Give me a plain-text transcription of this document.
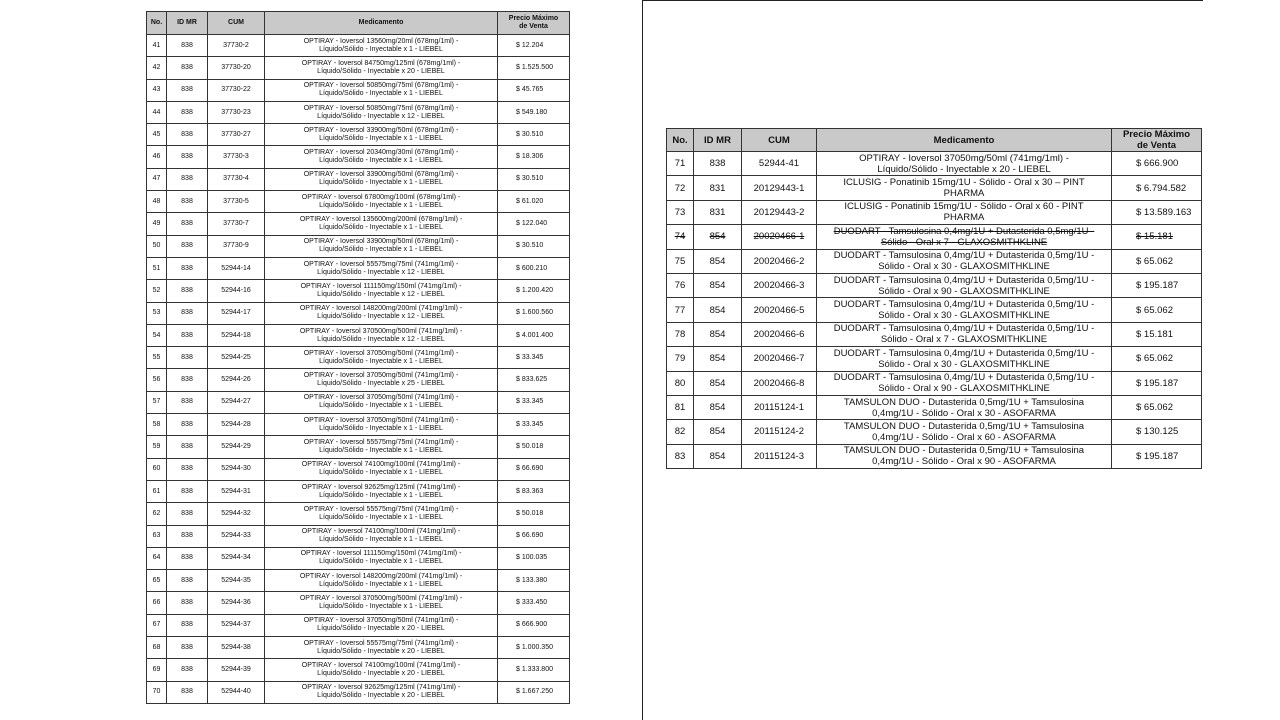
No.	ID MR	CUM	Medicamento	Precio Máximo
de Venta
41	838	37730-2	OPTIRAY - Ioversol 13560mg/20ml (678mg/1ml) -
Líquido/Sólido - Inyectable x 1 - LIEBEL	$ 12.204
42	838	37730-20	OPTIRAY - Ioversol 84750mg/125ml (678mg/1ml) -
Líquido/Sólido - Inyectable x 20 - LIEBEL	$ 1.525.500
43	838	37730-22	OPTIRAY - Ioversol 50850mg/75ml (678mg/1ml) -
Líquido/Sólido - Inyectable x 1 - LIEBEL	$ 45.765
44	838	37730-23	OPTIRAY - Ioversol 50850mg/75ml (678mg/1ml) -
Líquido/Sólido - Inyectable x 12 - LIEBEL	$ 549.180
45	838	37730-27	OPTIRAY - Ioversol 33900mg/50ml (678mg/1ml) -
Líquido/Sólido - Inyectable x 1 - LIEBEL	$ 30.510
46	838	37730-3	OPTIRAY - Ioversol 20340mg/30ml (678mg/1ml) -
Líquido/Sólido - Inyectable x 1 - LIEBEL	$ 18.306
47	838	37730-4	OPTIRAY - Ioversol 33900mg/50ml (678mg/1ml) -
Líquido/Sólido - Inyectable x 1 - LIEBEL	$ 30.510
48	838	37730-5	OPTIRAY - Ioversol 67800mg/100ml (678mg/1ml) -
Líquido/Sólido - Inyectable x 1 - LIEBEL	$ 61.020
49	838	37730-7	OPTIRAY - Ioversol 135600mg/200ml (678mg/1ml) -
Líquido/Sólido - Inyectable x 1 - LIEBEL	$ 122.040
50	838	37730-9	OPTIRAY - Ioversol 33900mg/50ml (678mg/1ml) -
Líquido/Sólido - Inyectable x 1 - LIEBEL	$ 30.510
51	838	52944-14	OPTIRAY - Ioversol 55575mg/75ml (741mg/1ml) -
Líquido/Sólido - Inyectable x 12 - LIEBEL	$ 600.210
52	838	52944-16	OPTIRAY - Ioversol 111150mg/150ml (741mg/1ml) -
Líquido/Sólido - Inyectable x 12 - LIEBEL	$ 1.200.420
53	838	52944-17	OPTIRAY - Ioversol 148200mg/200ml (741mg/1ml) -
Líquido/Sólido - Inyectable x 12 - LIEBEL	$ 1.600.560
54	838	52944-18	OPTIRAY - Ioversol 370500mg/500ml (741mg/1ml) -
Líquido/Sólido - Inyectable x 12 - LIEBEL	$ 4.001.400
55	838	52944-25	OPTIRAY - Ioversol 37050mg/50ml (741mg/1ml) -
Líquido/Sólido - Inyectable x 1 - LIEBEL	$ 33.345
56	838	52944-26	OPTIRAY - Ioversol 37050mg/50ml (741mg/1ml) -
Líquido/Sólido - Inyectable x 25 - LIEBEL	$ 833.625
57	838	52944-27	OPTIRAY - Ioversol 37050mg/50ml (741mg/1ml) -
Líquido/Sólido - Inyectable x 1 - LIEBEL	$ 33.345
58	838	52944-28	OPTIRAY - Ioversol 37050mg/50ml (741mg/1ml) -
Líquido/Sólido - Inyectable x 1 - LIEBEL	$ 33.345
59	838	52944-29	OPTIRAY - Ioversol 55575mg/75ml (741mg/1ml) -
Líquido/Sólido - Inyectable x 1 - LIEBEL	$ 50.018
60	838	52944-30	OPTIRAY - Ioversol 74100mg/100ml (741mg/1ml) -
Líquido/Sólido - Inyectable x 1 - LIEBEL	$ 66.690
61	838	52944-31	OPTIRAY - Ioversol 92625mg/125ml (741mg/1ml) -
Líquido/Sólido - Inyectable x 1 - LIEBEL	$ 83.363
62	838	52944-32	OPTIRAY - Ioversol 55575mg/75ml (741mg/1ml) -
Líquido/Sólido - Inyectable x 1 - LIEBEL	$ 50.018
63	838	52944-33	OPTIRAY - Ioversol 74100mg/100ml (741mg/1ml) -
Líquido/Sólido - Inyectable x 1 - LIEBEL	$ 66.690
64	838	52944-34	OPTIRAY - Ioversol 111150mg/150ml (741mg/1ml) -
Líquido/Sólido - Inyectable x 1 - LIEBEL	$ 100.035
65	838	52944-35	OPTIRAY - Ioversol 148200mg/200ml (741mg/1ml) -
Líquido/Sólido - Inyectable x 1 - LIEBEL	$ 133.380
66	838	52944-36	OPTIRAY - Ioversol 370500mg/500ml (741mg/1ml) -
Líquido/Sólido - Inyectable x 1 - LIEBEL	$ 333.450
67	838	52944-37	OPTIRAY - Ioversol 37050mg/50ml (741mg/1ml) -
Líquido/Sólido - Inyectable x 20 - LIEBEL	$ 666.900
68	838	52944-38	OPTIRAY - Ioversol 55575mg/75ml (741mg/1ml) -
Líquido/Sólido - Inyectable x 20 - LIEBEL	$ 1.000.350
69	838	52944-39	OPTIRAY - Ioversol 74100mg/100ml (741mg/1ml) -
Líquido/Sólido - Inyectable x 20 - LIEBEL	$ 1.333.800
70	838	52944-40	OPTIRAY - Ioversol 92625mg/125ml (741mg/1ml) -
Líquido/Sólido - Inyectable x 20 - LIEBEL	$ 1.667.250
No.	ID MR	CUM	Medicamento	Precio Máximo
de Venta
71	838	52944-41	OPTIRAY - Ioversol 37050mg/50ml (741mg/1ml) -
Líquido/Sólido - Inyectable x 20 - LIEBEL	$ 666.900
72	831	20129443-1	ICLUSIG - Ponatinib 15mg/1U - Sólido - Oral x 30 – PINT
PHARMA	$ 6.794.582
73	831	20129443-2	ICLUSIG - Ponatinib 15mg/1U - Sólido - Oral x 60 - PINT
PHARMA	$ 13.589.163
74	854	20020466-1	DUODART - Tamsulosina 0,4mg/1U + Dutasterida 0,5mg/1U -
Sólido - Oral x 7 - GLAXOSMITHKLINE	$ 15.181
75	854	20020466-2	DUODART - Tamsulosina 0,4mg/1U + Dutasterida 0,5mg/1U -
Sólido - Oral x 30 - GLAXOSMITHKLINE	$ 65.062
76	854	20020466-3	DUODART - Tamsulosina 0,4mg/1U + Dutasterida 0,5mg/1U -
Sólido - Oral x 90 - GLAXOSMITHKLINE	$ 195.187
77	854	20020466-5	DUODART - Tamsulosina 0,4mg/1U + Dutasterida 0,5mg/1U -
Sólido - Oral x 30 - GLAXOSMITHKLINE	$ 65.062
78	854	20020466-6	DUODART - Tamsulosina 0,4mg/1U + Dutasterida 0,5mg/1U -
Sólido - Oral x 7 - GLAXOSMITHKLINE	$ 15.181
79	854	20020466-7	DUODART - Tamsulosina 0,4mg/1U + Dutasterida 0,5mg/1U -
Sólido - Oral x 30 - GLAXOSMITHKLINE	$ 65.062
80	854	20020466-8	DUODART - Tamsulosina 0,4mg/1U + Dutasterida 0,5mg/1U -
Sólido - Oral x 90 - GLAXOSMITHKLINE	$ 195.187
81	854	20115124-1	TAMSULON DUO - Dutasterida 0,5mg/1U + Tamsulosina
0,4mg/1U - Sólido - Oral x 30 - ASOFARMA	$ 65.062
82	854	20115124-2	TAMSULON DUO - Dutasterida 0,5mg/1U + Tamsulosina
0,4mg/1U - Sólido - Oral x 60 - ASOFARMA	$ 130.125
83	854	20115124-3	TAMSULON DUO - Dutasterida 0,5mg/1U + Tamsulosina
0,4mg/1U - Sólido - Oral x 90 - ASOFARMA	$ 195.187
